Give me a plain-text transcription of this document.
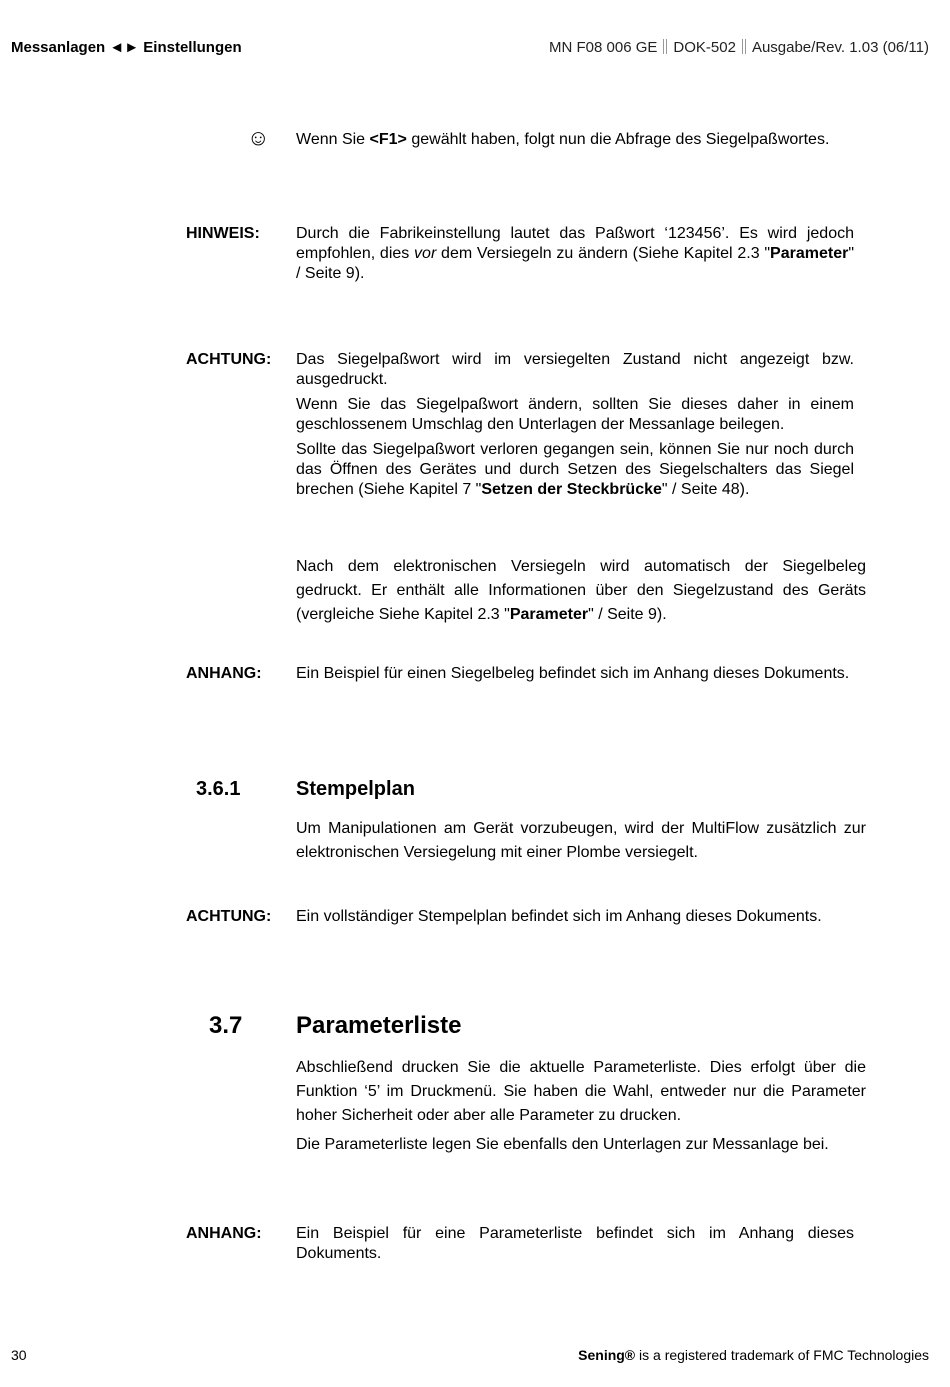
Messanlagen ◄► Einstellungen	MN F08 006 GE DOK-502 Ausgabe/Rev. 1.03 (06/11)
☺ Wenn Sie <F1> gewählt haben, folgt nun die Abfrage des Siegelpaßwortes.

HINWEIS: Durch die Fabrikeinstellung lautet das Paßwort ‘123456’. Es wird jedoch empfohlen, dies vor dem Versiegeln zu ändern (Siehe Kapitel 2.3 "Parameter" / Seite 9).

ACHTUNG: Das Siegelpaßwort wird im versiegelten Zustand nicht angezeigt bzw. ausgedruckt.

Wenn Sie das Siegelpaßwort ändern, sollten Sie dieses daher in einem geschlossenem Umschlag den Unterlagen der Messanlage beilegen.

Sollte das Siegelpaßwort verloren gegangen sein, können Sie nur noch durch das Öffnen des Gerätes und durch Setzen des Siegelschalters das Siegel brechen (Siehe Kapitel 7 "Setzen der Steckbrücke" / Seite 48).

Nach dem elektronischen Versiegeln wird automatisch der Siegelbeleg gedruckt. Er enthält alle Informationen über den Siegelzustand des Geräts (vergleiche Siehe Kapitel 2.3 "Parameter" / Seite 9).

ANHANG: Ein Beispiel für einen Siegelbeleg befindet sich im Anhang dieses Dokuments.

3.6.1	Stempelplan

Um Manipulationen am Gerät vorzubeugen, wird der MultiFlow zusätzlich zur elektronischen Versiegelung mit einer Plombe versiegelt.

ACHTUNG: Ein vollständiger Stempelplan befindet sich im Anhang dieses Dokuments.

3.7 Parameterliste

Abschließend drucken Sie die aktuelle Parameterliste. Dies erfolgt über die Funktion ‘5’ im Druckmenü. Sie haben die Wahl, entweder nur die Parameter hoher Sicherheit oder aber alle Parameter zu drucken.

Die Parameterliste legen Sie ebenfalls den Unterlagen zur Messanlage bei.

ANHANG: Ein Beispiel für eine Parameterliste befindet sich im Anhang dieses Dokuments.

30	Sening® is a registered trademark of FMC Technologies
